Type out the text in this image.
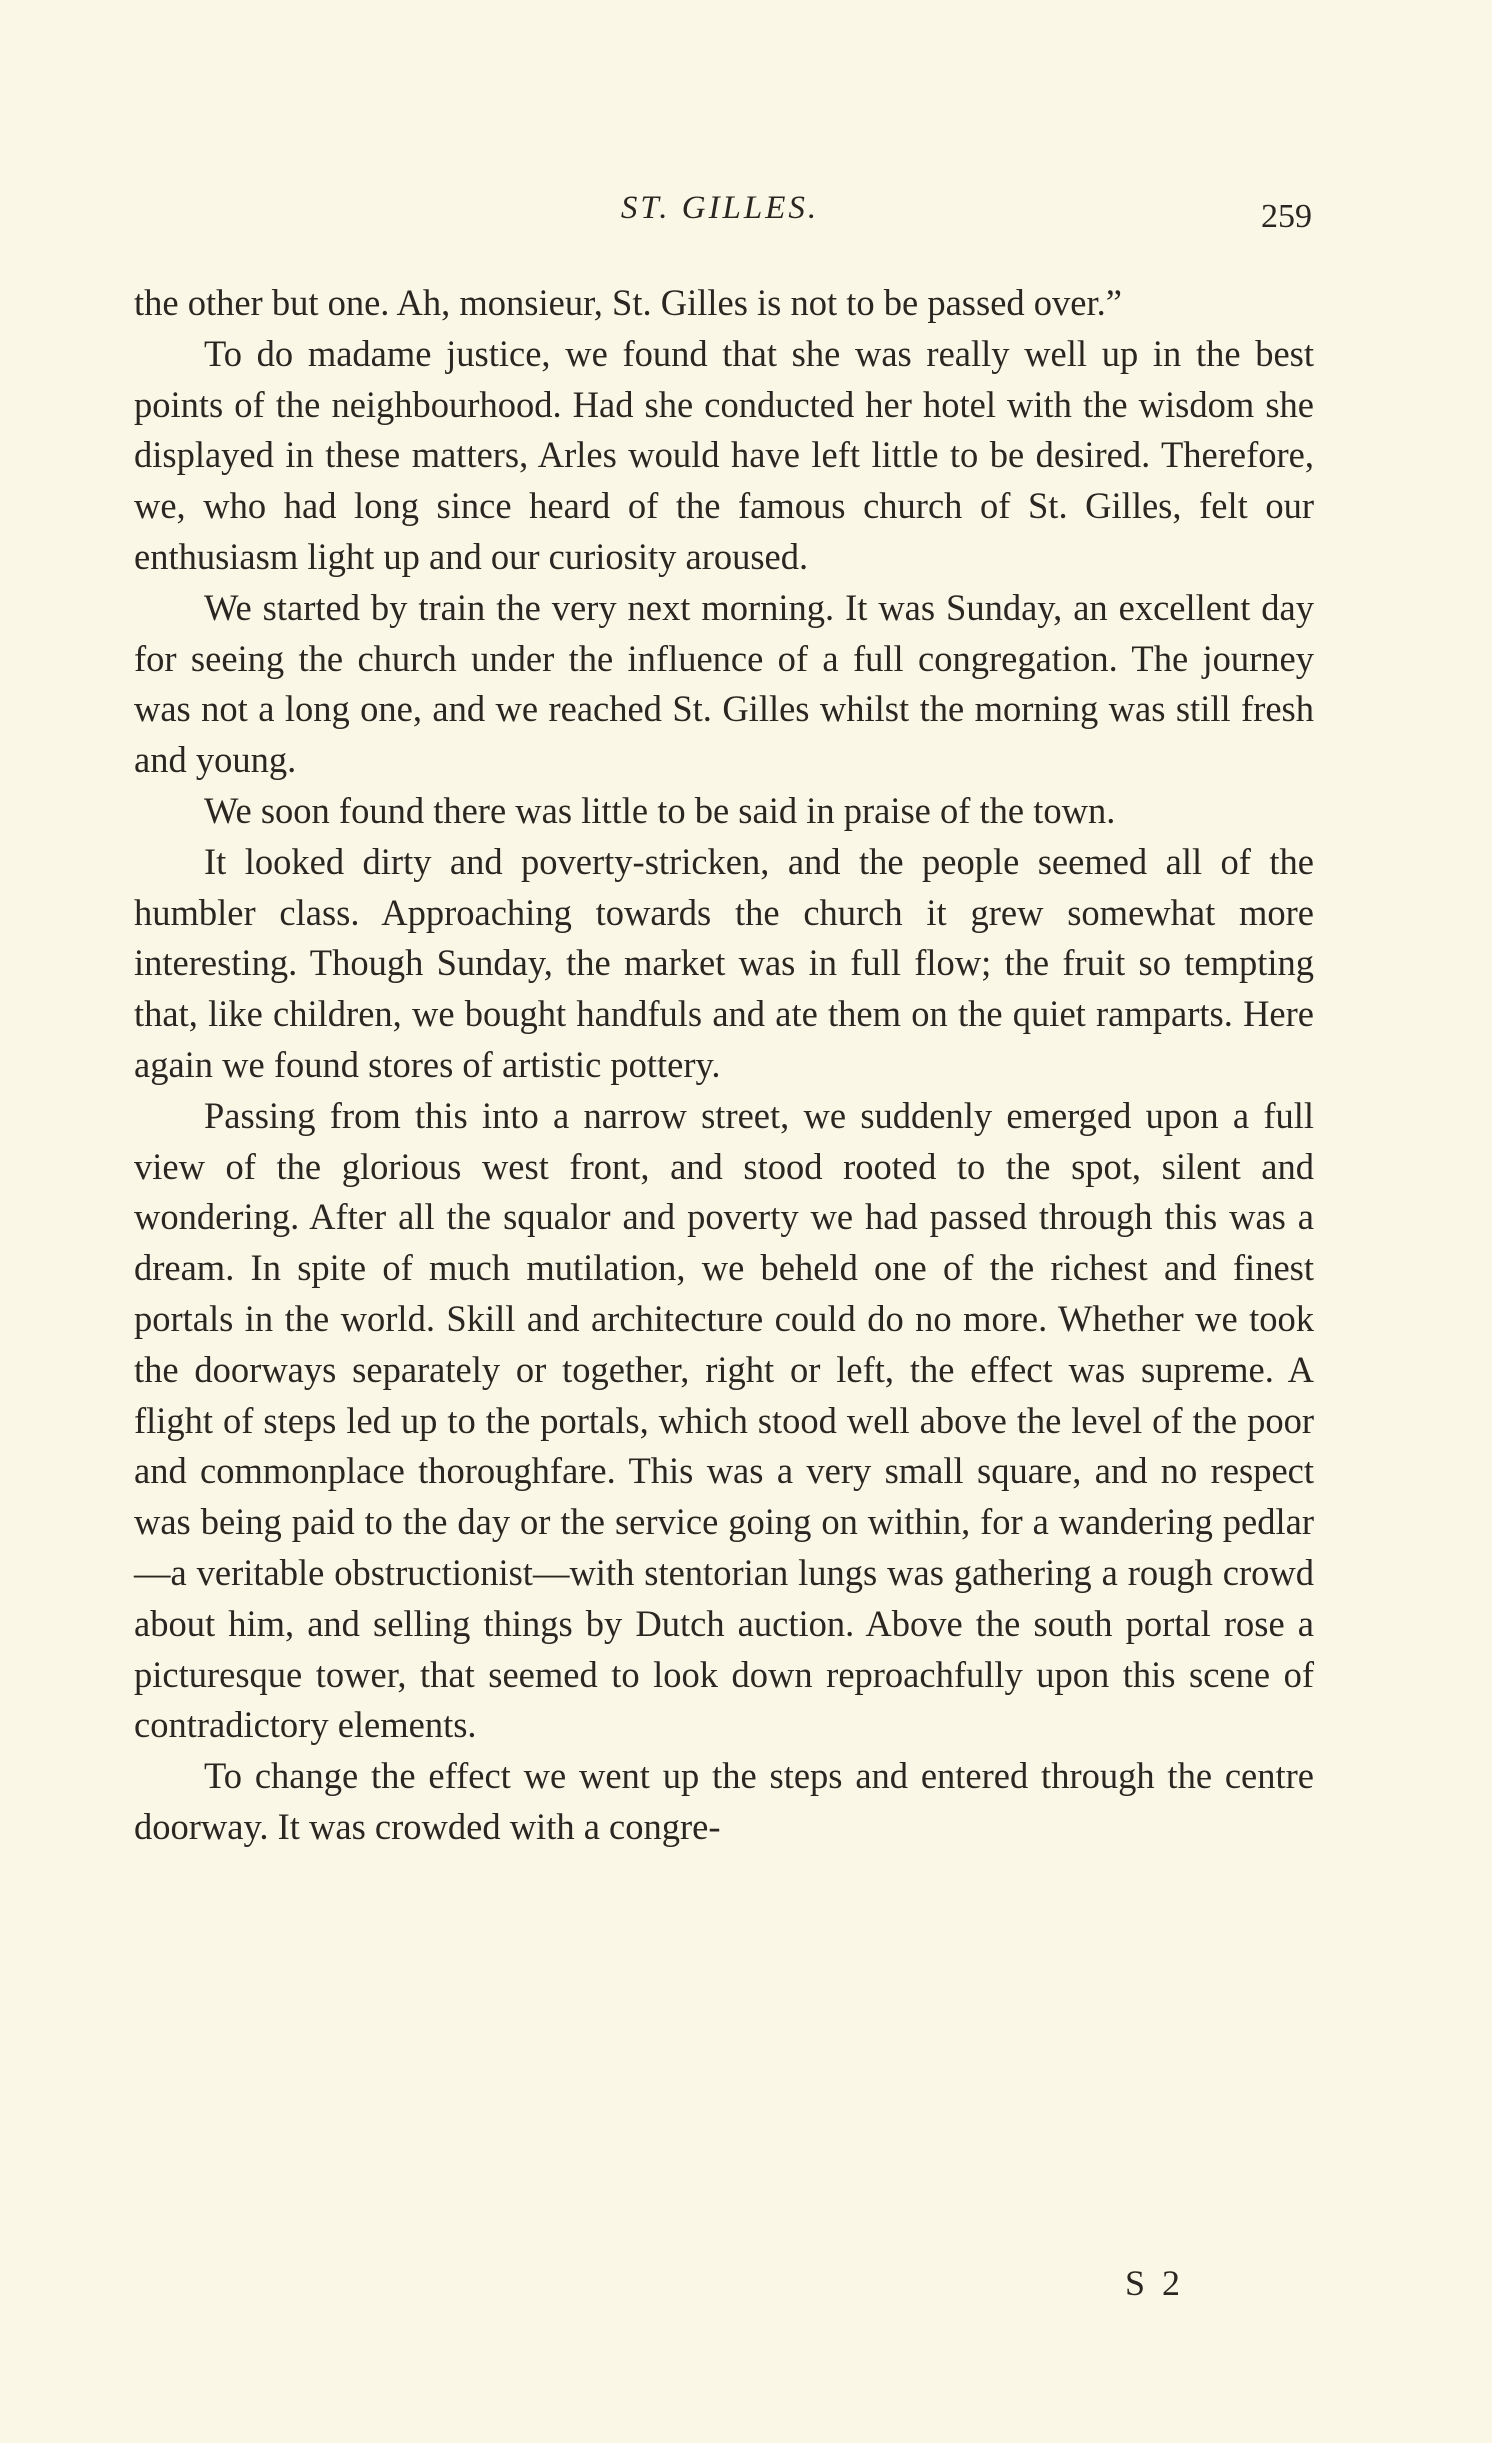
ST. GILLES.	259

the other but one. Ah, monsieur, St. Gilles is not to be passed over.”

To do madame justice, we found that she was really well up in the best points of the neighbourhood. Had she conducted her hotel with the wisdom she displayed in these matters, Arles would have left little to be desired. Therefore, we, who had long since heard of the famous church of St. Gilles, felt our enthusiasm light up and our curiosity aroused.

We started by train the very next morning. It was Sunday, an excellent day for seeing the church under the influence of a full congregation. The journey was not a long one, and we reached St. Gilles whilst the morning was still fresh and young.

We soon found there was little to be said in praise of the town.

It looked dirty and poverty-stricken, and the people seemed all of the humbler class. Approaching towards the church it grew somewhat more interesting. Though Sunday, the market was in full flow; the fruit so tempting that, like children, we bought handfuls and ate them on the quiet ramparts. Here again we found stores of artistic pottery.

Passing from this into a narrow street, we suddenly emerged upon a full view of the glorious west front, and stood rooted to the spot, silent and wondering. After all the squalor and poverty we had passed through this was a dream. In spite of much mutilation, we beheld one of the richest and finest portals in the world. Skill and architecture could do no more. Whether we took the doorways separately or together, right or left, the effect was supreme. A flight of steps led up to the portals, which stood well above the level of the poor and commonplace thoroughfare. This was a very small square, and no respect was being paid to the day or the service going on within, for a wandering pedlar—a veritable obstructionist—with stentorian lungs was gathering a rough crowd about him, and selling things by Dutch auction. Above the south portal rose a picturesque tower, that seemed to look down reproachfully upon this scene of contradictory elements.

To change the effect we went up the steps and entered through the centre doorway. It was crowded with a congre-

S 2
